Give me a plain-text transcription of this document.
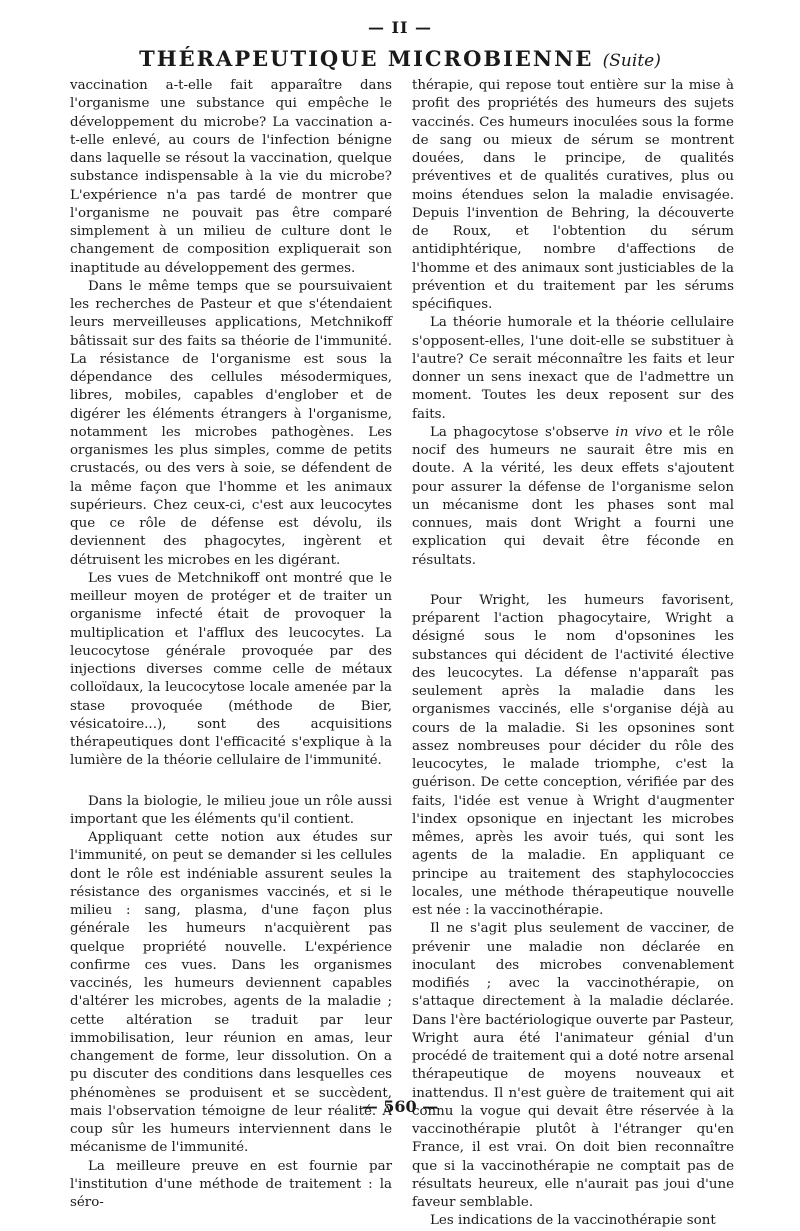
— II —
THÉRAPEUTIQUE MICROBIENNE (Suite)

vaccination a-t-elle fait apparaître dans l'organisme une substance qui empêche le développement du microbe? La vaccination a-t-elle enlevé, au cours de l'infection bénigne dans laquelle se résout la vaccination, quelque substance indispensable à la vie du microbe? L'expérience n'a pas tardé de montrer que l'organisme ne pouvait pas être comparé simplement à un milieu de culture dont le changement de composition expliquerait son inaptitude au développement des germes.

Dans le même temps que se poursuivaient les recherches de Pasteur et que s'étendaient leurs merveilleuses applications, Metchnikoff bâtissait sur des faits sa théorie de l'immunité. La résistance de l'organisme est sous la dépendance des cellules mésodermiques, libres, mobiles, capables d'englober et de digérer les éléments étrangers à l'organisme, notamment les microbes pathogènes. Les organismes les plus simples, comme de petits crustacés, ou des vers à soie, se défendent de la même façon que l'homme et les animaux supérieurs. Chez ceux-ci, c'est aux leucocytes que ce rôle de défense est dévolu, ils deviennent des phagocytes, ingèrent et détruisent les microbes en les digérant.

Les vues de Metchnikoff ont montré que le meilleur moyen de protéger et de traiter un organisme infecté était de provoquer la multiplication et l'afflux des leucocytes. La leucocytose générale provoquée par des injections diverses comme celle de métaux colloïdaux, la leucocytose locale amenée par la stase provoquée (méthode de Bier, vésicatoire...), sont des acquisitions thérapeutiques dont l'efficacité s'explique à la lumière de la théorie cellulaire de l'immunité.

Dans la biologie, le milieu joue un rôle aussi important que les éléments qu'il contient.

Appliquant cette notion aux études sur l'immunité, on peut se demander si les cellules dont le rôle est indéniable assurent seules la résistance des organismes vaccinés, et si le milieu : sang, plasma, d'une façon plus générale les humeurs n'acquièrent pas quelque propriété nouvelle. L'expérience confirme ces vues. Dans les organismes vaccinés, les humeurs deviennent capables d'altérer les microbes, agents de la maladie ; cette altération se traduit par leur immobilisation, leur réunion en amas, leur changement de forme, leur dissolution. On a pu discuter des conditions dans lesquelles ces phénomènes se produisent et se succèdent, mais l'observation témoigne de leur réalité. A coup sûr les humeurs interviennent dans le mécanisme de l'immunité.

La meilleure preuve en est fournie par l'institution d'une méthode de traitement : la séro-

thérapie, qui repose tout entière sur la mise à profit des propriétés des humeurs des sujets vaccinés. Ces humeurs inoculées sous la forme de sang ou mieux de sérum se montrent douées, dans le principe, de qualités préventives et de qualités curatives, plus ou moins étendues selon la maladie envisagée. Depuis l'invention de Behring, la découverte de Roux, et l'obtention du sérum antidiphtérique, nombre d'affections de l'homme et des animaux sont justiciables de la prévention et du traitement par les sérums spécifiques.

La théorie humorale et la théorie cellulaire s'opposent-elles, l'une doit-elle se substituer à l'autre? Ce serait méconnaître les faits et leur donner un sens inexact que de l'admettre un moment. Toutes les deux reposent sur des faits.

La phagocytose s'observe in vivo et le rôle nocif des humeurs ne saurait être mis en doute. A la vérité, les deux effets s'ajoutent pour assurer la défense de l'organisme selon un mécanisme dont les phases sont mal connues, mais dont Wright a fourni une explication qui devait être féconde en résultats.

Pour Wright, les humeurs favorisent, préparent l'action phagocytaire, Wright a désigné sous le nom d'opsonines les substances qui décident de l'activité élective des leucocytes. La défense n'apparaît pas seulement après la maladie dans les organismes vaccinés, elle s'organise déjà au cours de la maladie. Si les opsonines sont assez nombreuses pour décider du rôle des leucocytes, le malade triomphe, c'est la guérison. De cette conception, vérifiée par des faits, l'idée est venue à Wright d'augmenter l'index opsonique en injectant les microbes mêmes, après les avoir tués, qui sont les agents de la maladie. En appliquant ce principe au traitement des staphylococcies locales, une méthode thérapeutique nouvelle est née : la vaccinothérapie.

Il ne s'agit plus seulement de vacciner, de prévenir une maladie non déclarée en inoculant des microbes convenablement modifiés ; avec la vaccinothérapie, on s'attaque directement à la maladie déclarée. Dans l'ère bactériologique ouverte par Pasteur, Wright aura été l'animateur génial d'un procédé de traitement qui a doté notre arsenal thérapeutique de moyens nouveaux et inattendus. Il n'est guère de traitement qui ait connu la vogue qui devait être réservée à la vaccinothérapie plutôt à l'étranger qu'en France, il est vrai. On doit bien reconnaître que si la vaccinothérapie ne comptait pas de résultats heureux, elle n'aurait pas joui d'une faveur semblable.

Les indications de la vaccinothérapie sont

— 560 —
